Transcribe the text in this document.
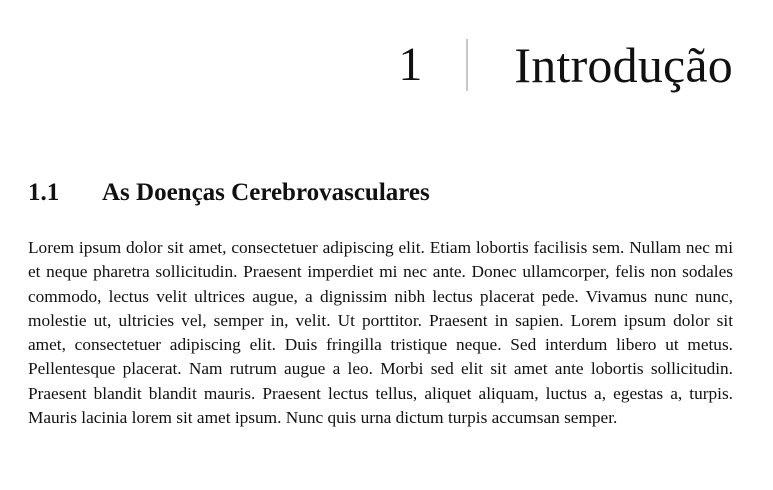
1 Introdução
1.1	As Doenças Cerebrovasculares

Lorem ipsum dolor sit amet, consectetuer adipiscing elit. Etiam lobortis facilisis sem. Nullam nec mi et neque pharetra sollicitudin. Praesent imperdiet mi nec ante. Donec ullamcorper, felis non sodales commodo, lectus velit ultrices augue, a dignissim nibh lectus placerat pede. Vivamus nunc nunc, molestie ut, ultricies vel, semper in, velit. Ut porttitor. Praesent in sapien. Lorem ipsum dolor sit amet, consectetuer adipiscing elit. Duis fringilla tristique neque. Sed interdum libero ut metus. Pellentesque placerat. Nam rutrum augue a leo. Morbi sed elit sit amet ante lobortis sollicitudin. Praesent blandit blandit mauris. Praesent lectus tellus, aliquet aliquam, luctus a, egestas a, turpis. Mauris lacinia lorem sit amet ipsum. Nunc quis urna dictum turpis accumsan semper.
